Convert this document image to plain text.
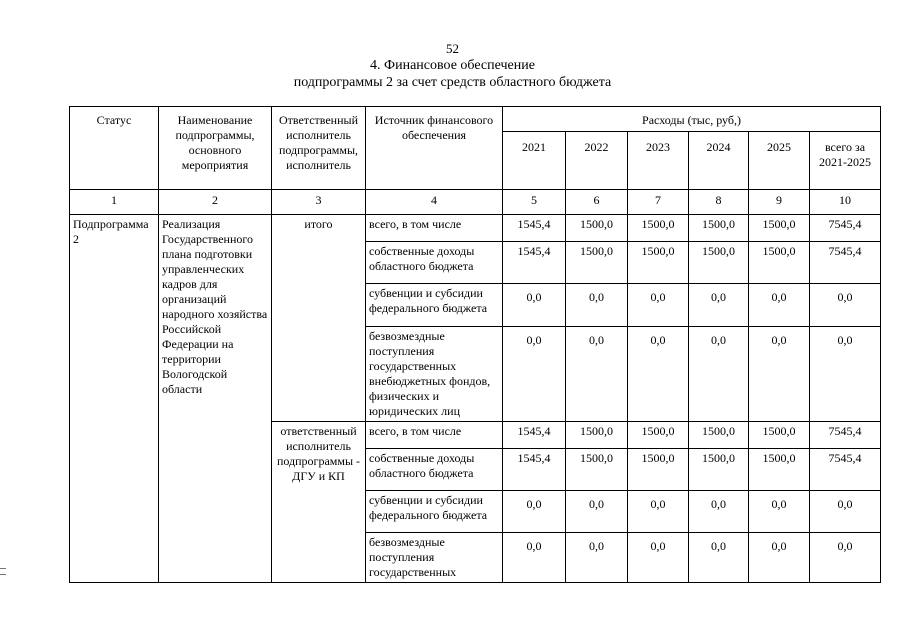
52
4. Финансовое обеспечение
подпрограммы 2 за счет средств областного бюджета
Статус	Наименование подпрограммы, основного мероприятия	Ответственный исполнитель подпрограммы, исполнитель	Источник финансового обеспечения	Расходы (тыс, руб,)					
				2021	2022	2023	2024	2025	всего за 2021-2025
1	2	3	4	5	6	7	8	9	10
Подпрограмма 2	Реализация Государственного плана подготовки управленческих кадров для организаций народного хозяйства Российской Федерации на территории Вологодской области	итого	всего, в том числе	1545,4	1500,0	1500,0	1500,0	1500,0	7545,4
			собственные доходы областного бюджета	1545,4	1500,0	1500,0	1500,0	1500,0	7545,4
			субвенции и субсидии федерального бюджета	0,0	0,0	0,0	0,0	0,0	0,0
			безвозмездные поступления государственных внебюджетных фондов, физических и юридических лиц	0,0	0,0	0,0	0,0	0,0	0,0
		ответственный исполнитель подпрограммы - ДГУ и КП	всего, в том числе	1545,4	1500,0	1500,0	1500,0	1500,0	7545,4
			собственные доходы областного бюджета	1545,4	1500,0	1500,0	1500,0	1500,0	7545,4
			субвенции и субсидии федерального бюджета	0,0	0,0	0,0	0,0	0,0	0,0
			безвозмездные поступления государственных	0,0	0,0	0,0	0,0	0,0	0,0
